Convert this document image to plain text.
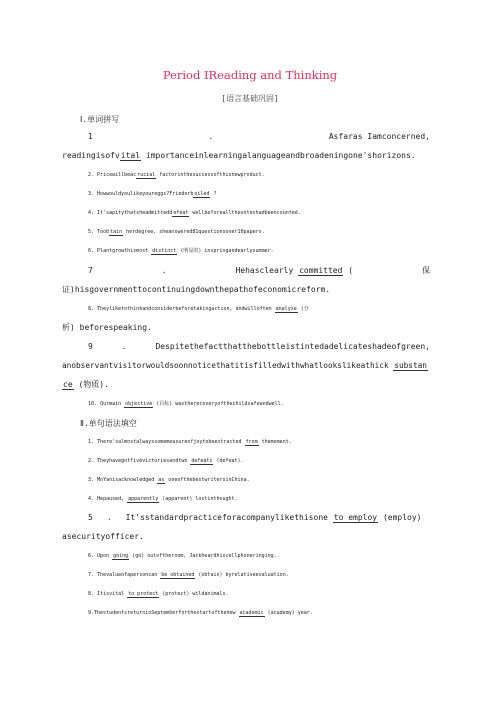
Period ⅠReading and Thinking
[语言基础巩固]
Ⅰ.单词拼写
1	.	Asfaras Iamconcerned,
readingisofvital importanceinlearningalanguageandbroadeningone'shorizons.
2. Pricewillbeacrucial factorinthesuccessofthisnewproduct.
3. Howwouldyoulikeyoureggs?Friedorboiled ?
4. It'sapitythatsheadmitteddefeat wellbeforeallthevoteshadbeencounted.
5. Toobtain herdegree, sheanswered81questionsover10papers.
6. Plantgrowthismost distinct (明显的) inspringandearlysummer.
7	.	Hehasclearly committed (	保
证)hisgovernmenttocontinuingdownthepathofeconomicreform.
8. Theyliketothinkandconsiderbeforetakingaction, andwilloften analyse (分
析) beforespeaking.
9	.	Despitethefactthatthebottleistintedadelicateshadeofgreen,
anobservantvisitorwouldsoonnoticethatitisfilledwithwhatlookslikeathick substan
ce (物质).
10. Ourmain objective (目标) wastherecoveryofthechildsafeandwell.
Ⅱ.单句语法填空
1. There'salmostalwayssomemeasureofjoytobeextracted from themoment.
2. Theyhavegotfivevictoriesandtwo defeats (defeat).
3. MoYanisacknowledged as oneofthebestwritersinChina.
4. Hepaused, apparently (apparent) lostinthought.
5 . It'sstandardpracticeforacompanylikethisone to employ (employ)
asecurityofficer.
6. Upon going (go) outoftheroom, Jackheardhiscellphoneringing.
7. Thevalueofapersoncan be obtained (obtain) byrelativeevaluation.
8. Itisvital to protect (protect) wildanimals.
9.ThestudentsreturninSeptemberforthestartofthenew academic (academy) year.
